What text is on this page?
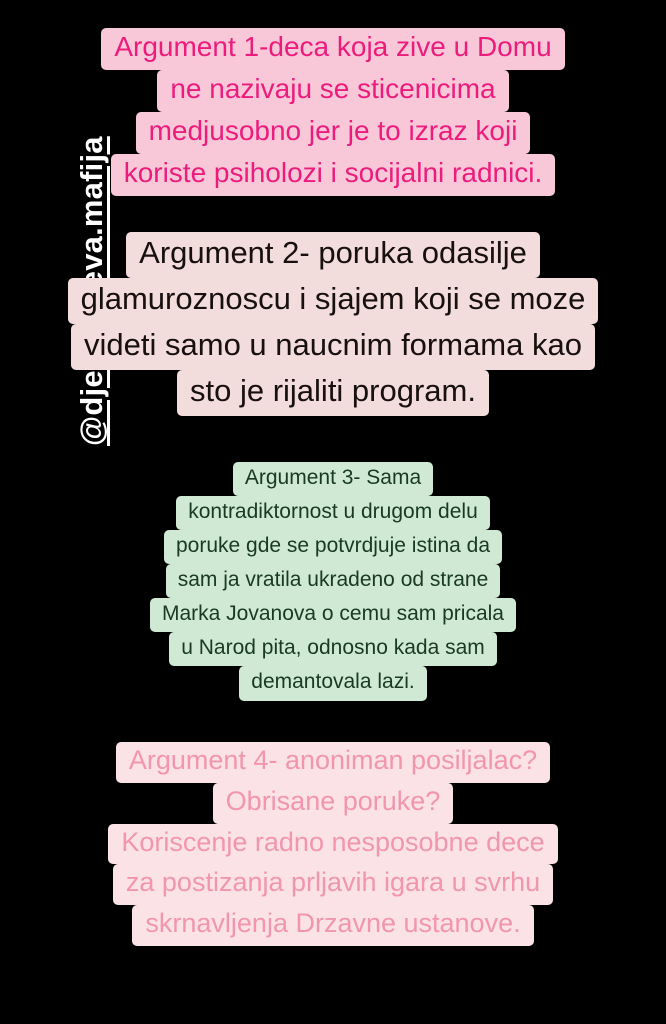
Argument 1-deca koja zive u Domu
ne nazivaju se sticenicima
medjusobno jer je to izraz koji
koriste psiholozi i socijalni radnici.
Argument 2- poruka odasilje
glamuroznoscu i sjajem koji se moze
videti samo u naucnim formama kao
sto je rijaliti program.
Argument 3- Sama
kontradiktornost u drugom delu
poruke gde se potvrdjuje istina da
sam ja vratila ukradeno od strane
Marka Jovanova o cemu sam pricala
u Narod pita, odnosno kada sam
demantovala lazi.
Argument 4- anoniman posiljalac?
Obrisane poruke?
Koriscenje radno nesposobne dece
za postizanja prljavih igara u svrhu
skrnavljenja Drzavne ustanove.
